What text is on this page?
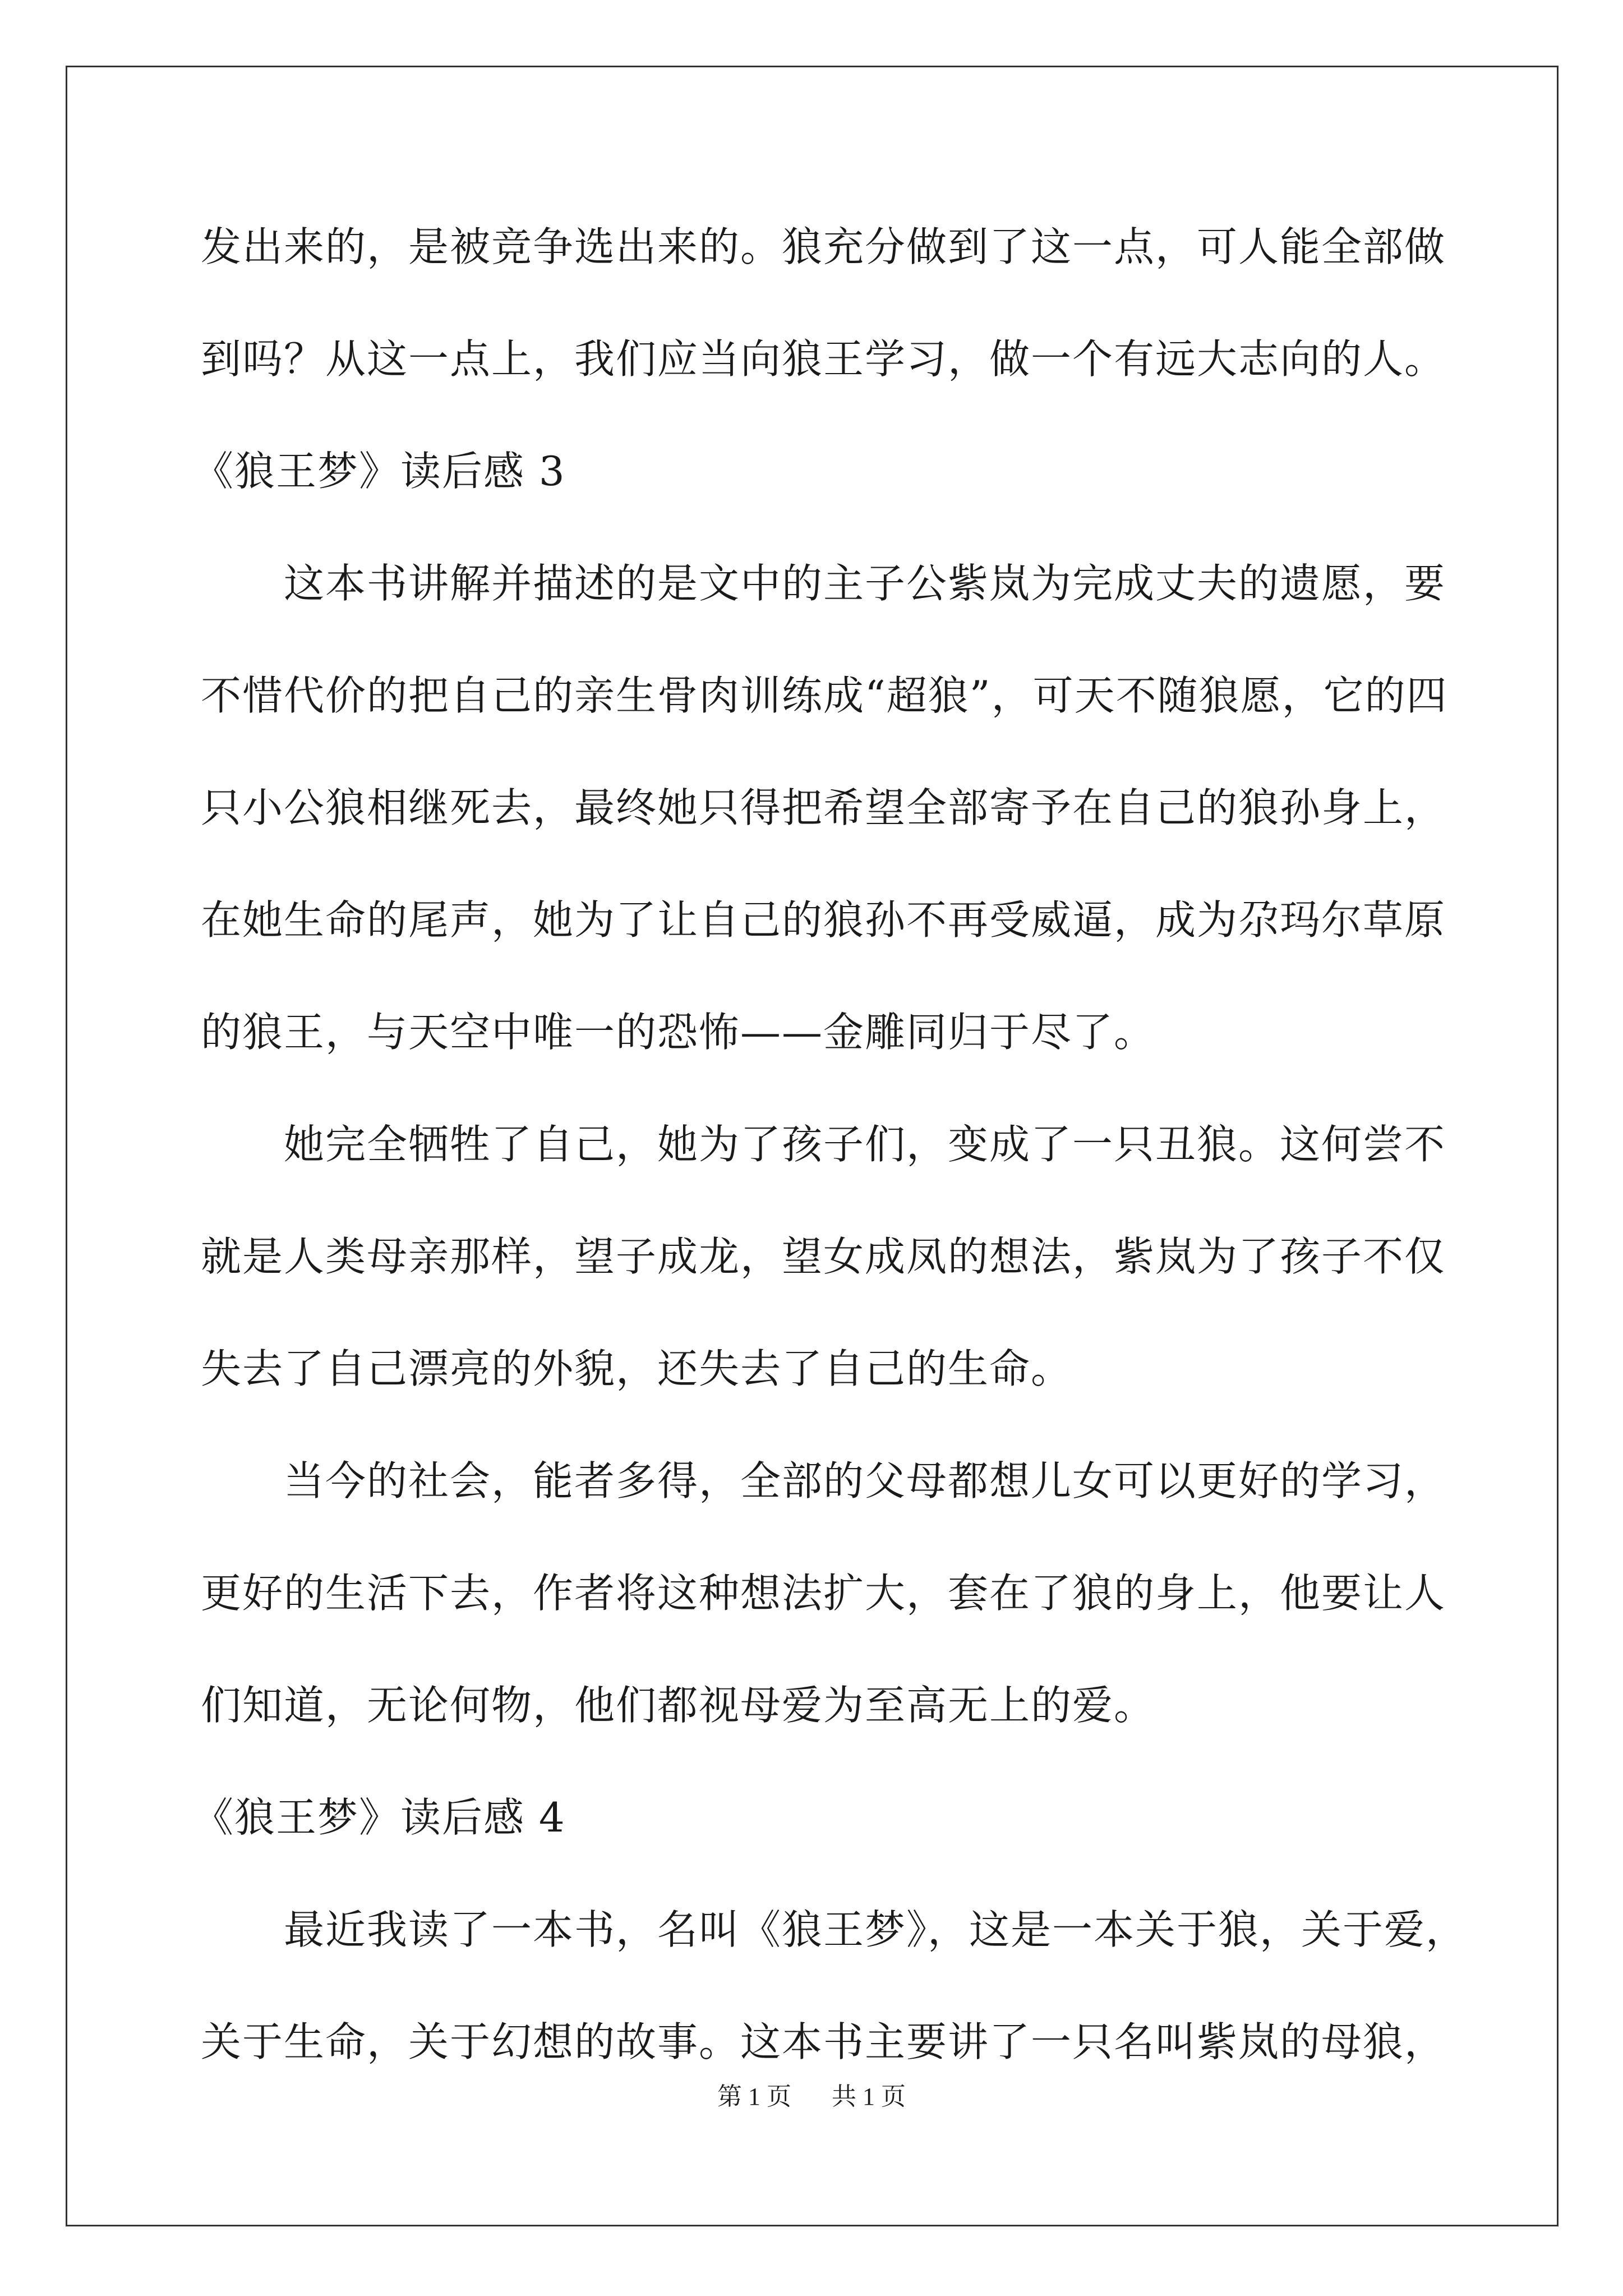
发出来的，是被竞争选出来的。狼充分做到了这一点，可人能全部做
到吗？从这一点上，我们应当向狼王学习，做一个有远大志向的人。
《狼王梦》读后感 3
这本书讲解并描述的是文中的主子公紫岚为完成丈夫的遗愿，要
不惜代价的把自己的亲生骨肉训练成“超狼”，可天不随狼愿，它的四
只小公狼相继死去，最终她只得把希望全部寄予在自己的狼孙身上，
在她生命的尾声，她为了让自己的狼孙不再受威逼，成为尕玛尔草原
的狼王，与天空中唯一的恐怖——金雕同归于尽了。
她完全牺牲了自己，她为了孩子们，变成了一只丑狼。这何尝不
就是人类母亲那样，望子成龙，望女成凤的想法，紫岚为了孩子不仅
失去了自己漂亮的外貌，还失去了自己的生命。
当今的社会，能者多得，全部的父母都想儿女可以更好的学习，
更好的生活下去，作者将这种想法扩大，套在了狼的身上，他要让人
们知道，无论何物，他们都视母爱为至高无上的爱。
《狼王梦》读后感 4
最近我读了一本书，名叫《狼王梦》，这是一本关于狼，关于爱，
关于生命，关于幻想的故事。这本书主要讲了一只名叫紫岚的母狼，
第 1 页 共 1 页
